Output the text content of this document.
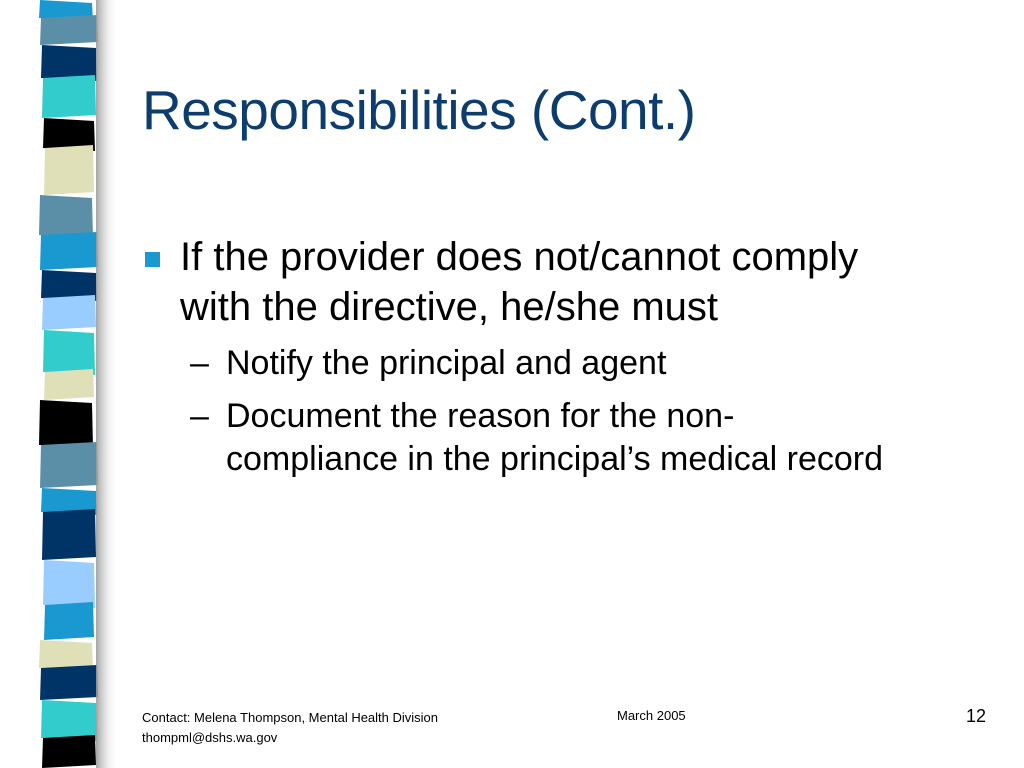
Responsibilities (Cont.)
If the provider does not/cannot comply
with the directive, he/she must
– Notify the principal and agent
– Document the reason for the non-
compliance in the principal’s medical record
Contact: Melena Thompson, Mental Health Division
thompml@dshs.wa.gov
March 2005	12
